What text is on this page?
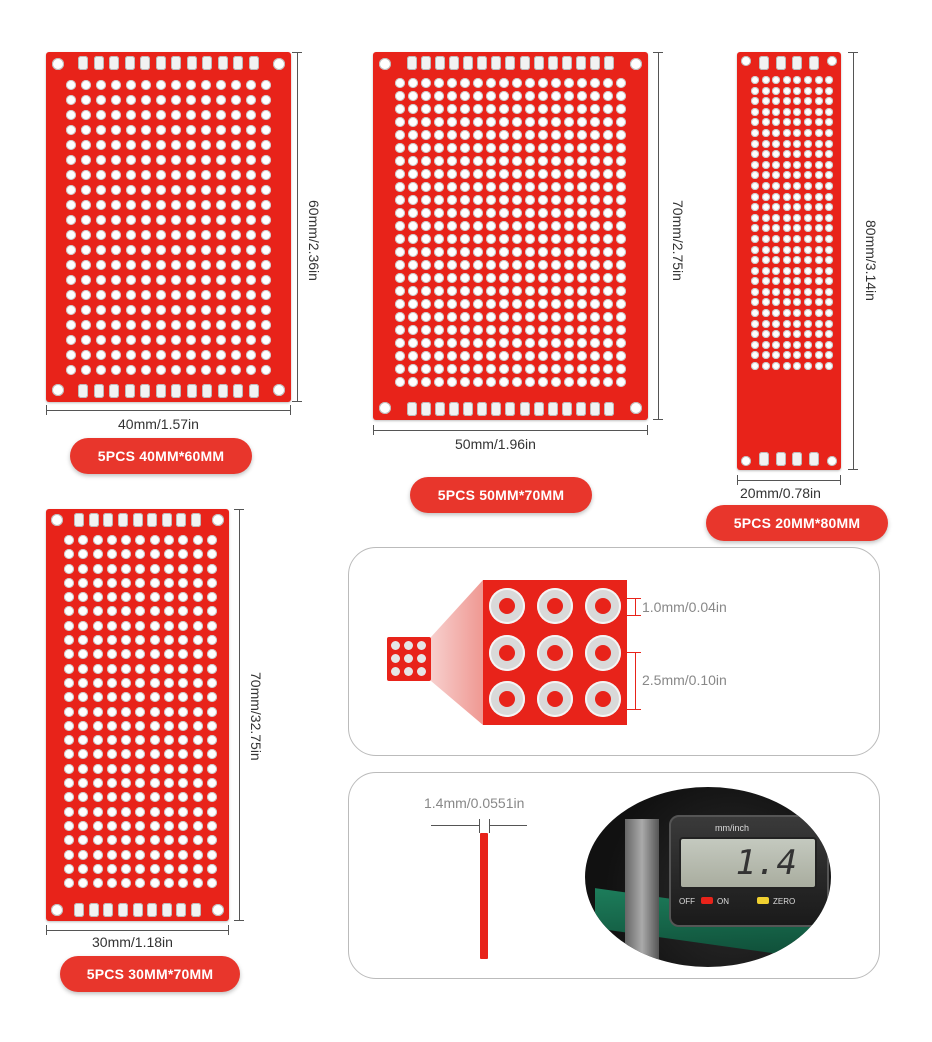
60mm/2.36in
40mm/1.57in
5PCS 40MM*60MM
70mm/2.75in
50mm/1.96in
5PCS 50MM*70MM
80mm/3.14in
20mm/0.78in
5PCS 20MM*80MM
70mm/32.75in
30mm/1.18in
5PCS 30MM*70MM
1.0mm/0.04in
2.5mm/0.10in
1.4mm/0.0551in
mm/inch
1.4
OFF	ON	ZERO
